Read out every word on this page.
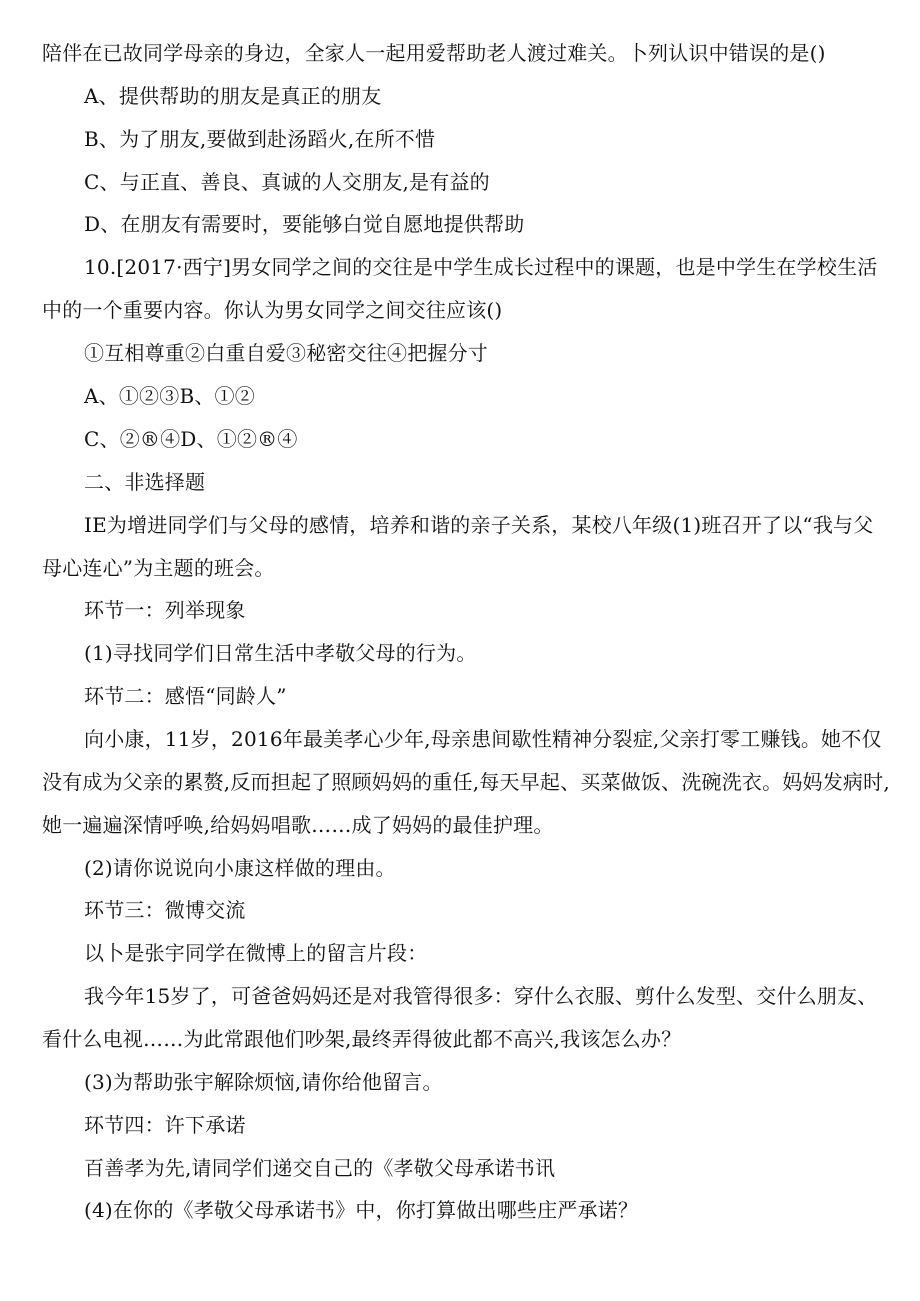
陪伴在已故同学母亲的身边，全家人一起用爱帮助老人渡过难关。卜列认识中错误的是()
A、提供帮助的朋友是真正的朋友
B、为了朋友,要做到赴汤蹈火,在所不惜
C、与正直、善良、真诚的人交朋友,是有益的
D、在朋友有需要时，要能够白觉自愿地提供帮助
10.[2017·西宁]男女同学之间的交往是中学生成长过程中的课题，也是中学生在学校生活
中的一个重要内容。你认为男女同学之间交往应该()
①互相尊重②白重自爱③秘密交往④把握分寸
A、①②③B、①②
C、②®④D、①②®④
二、非选择题
IE为增进同学们与父母的感情，培养和谐的亲子关系，某校八年级(1)班召开了以“我与父
母心连心”为主题的班会。
环节一：列举现象
(1)寻找同学们日常生活中孝敬父母的行为。
环节二：感悟“同龄人”
向小康，11岁，2016年最美孝心少年,母亲患间歇性精神分裂症,父亲打零工赚钱。她不仅
没有成为父亲的累赘,反而担起了照顾妈妈的重任,每天早起、买菜做饭、洗碗洗衣。妈妈发病时,
她一遍遍深情呼唤,给妈妈唱歌……成了妈妈的最佳护理。
(2)请你说说向小康这样做的理由。
环节三：微博交流
以卜是张宇同学在微博上的留言片段：
我今年15岁了，可爸爸妈妈还是对我管得很多：穿什么衣服、剪什么发型、交什么朋友、
看什么电视……为此常跟他们吵架,最终弄得彼此都不高兴,我该怎么办？
(3)为帮助张宇解除烦恼,请你给他留言。
环节四：许下承诺
百善孝为先,请同学们递交自己的《孝敬父母承诺书讯
(4)在你的《孝敬父母承诺书》中，你打算做出哪些庄严承诺？
